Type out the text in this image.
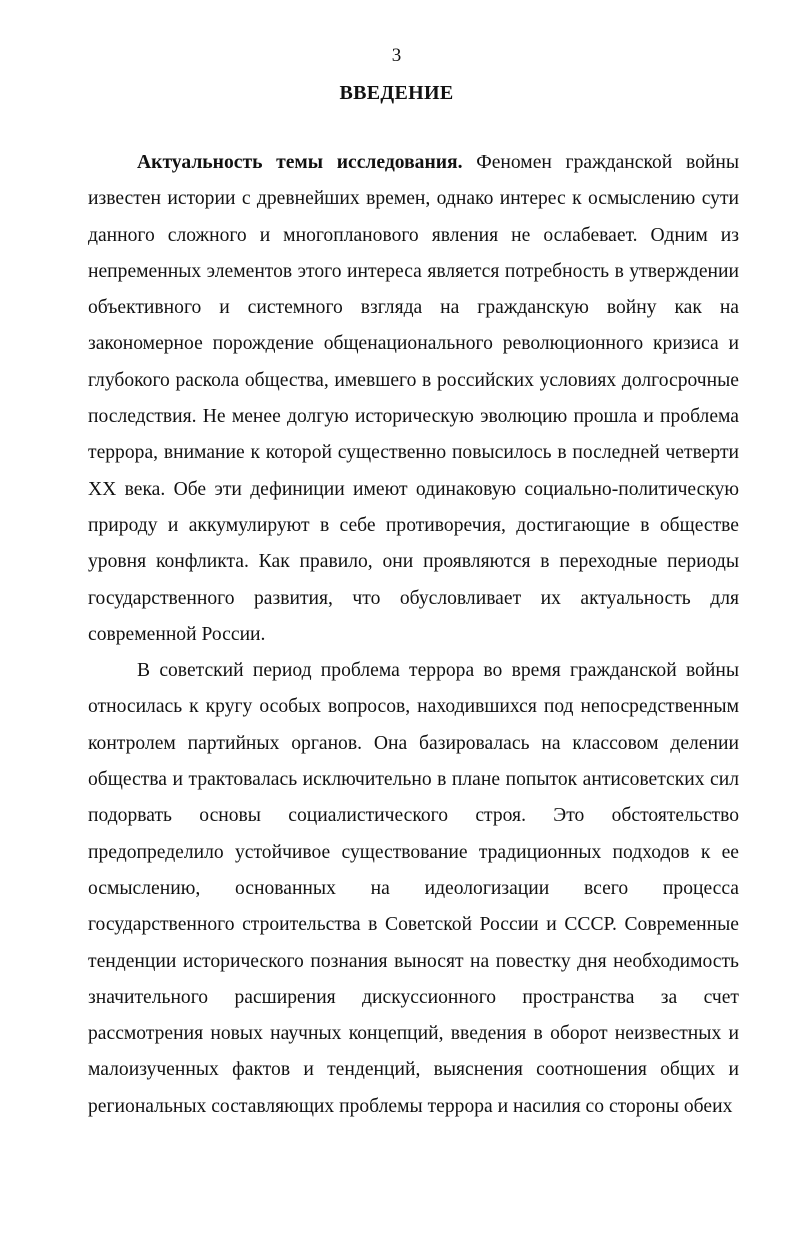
3
ВВЕДЕНИЕ

Актуальность темы исследования. Феномен гражданской войны известен истории с древнейших времен, однако интерес к осмыслению сути данного сложного и многопланового явления не ослабевает. Одним из непременных элементов этого интереса является потребность в утверждении объективного и системного взгляда на гражданскую войну как на закономерное порождение общенационального революционного кризиса и глубокого раскола общества, имевшего в российских условиях долгосрочные последствия. Не менее долгую историческую эволюцию прошла и проблема террора, внимание к которой существенно повысилось в последней четверти XX века. Обе эти дефиниции имеют одинаковую социально-политическую природу и аккумулируют в себе противоречия, достигающие в обществе уровня конфликта. Как правило, они проявляются в переходные периоды государственного развития, что обусловливает их актуальность для современной России.

В советский период проблема террора во время гражданской войны относилась к кругу особых вопросов, находившихся под непосредственным контролем партийных органов. Она базировалась на классовом делении общества и трактовалась исключительно в плане попыток антисоветских сил подорвать основы социалистического строя. Это обстоятельство предопределило устойчивое существование традиционных подходов к ее осмыслению, основанных на идеологизации всего процесса государственного строительства в Советской России и СССР. Современные тенденции исторического познания выносят на повестку дня необходимость значительного расширения дискуссионного пространства за счет рассмотрения новых научных концепций, введения в оборот неизвестных и малоизученных фактов и тенденций, выяснения соотношения общих и региональных составляющих проблемы террора и насилия со стороны обеих
